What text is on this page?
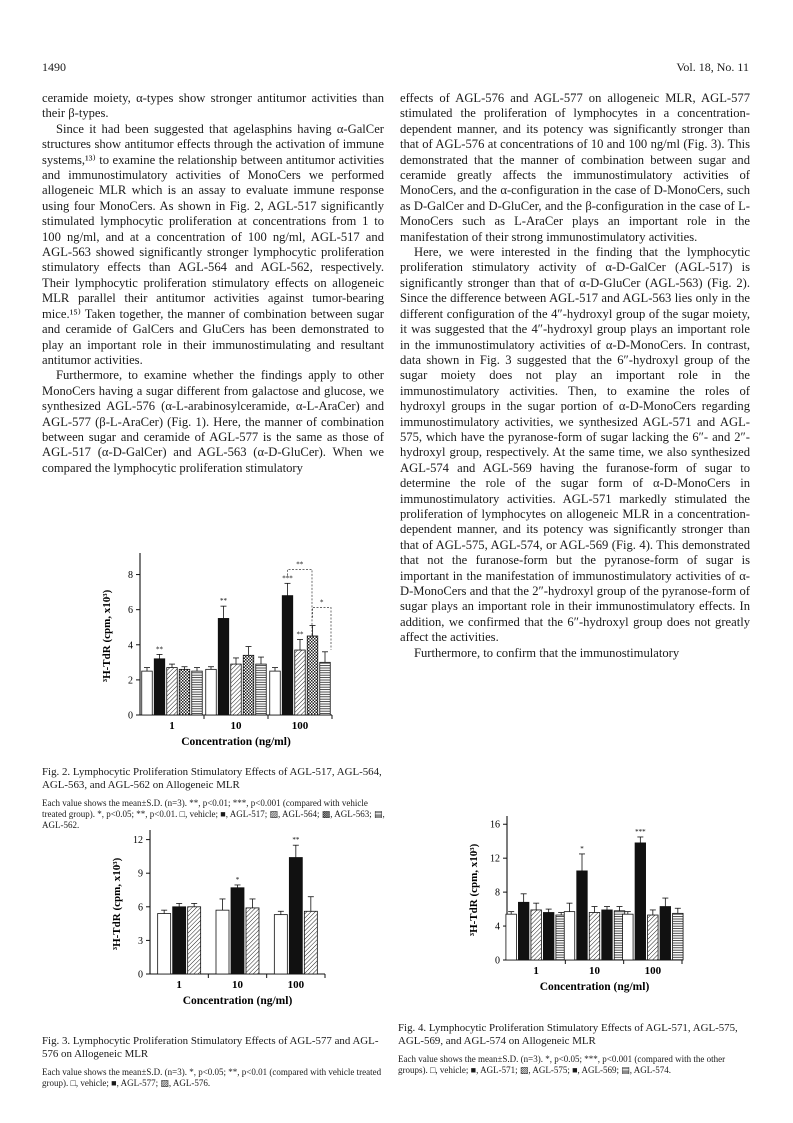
1490	Vol. 18, No. 11

ceramide moiety, α-types show stronger antitumor activities than their β-types.

Since it had been suggested that agelasphins having α-GalCer structures show antitumor effects through the activation of immune systems,¹³⁾ to examine the relationship between antitumor activities and immunostimulatory activities of MonoCers we performed allogeneic MLR which is an assay to evaluate immune response using four MonoCers. As shown in Fig. 2, AGL-517 significantly stimulated lymphocytic proliferation at concentrations from 1 to 100 ng/ml, and at a concentration of 100 ng/ml, AGL-517 and AGL-563 showed significantly stronger lymphocytic proliferation stimulatory effects than AGL-564 and AGL-562, respectively. Their lymphocytic proliferation stimulatory effects on allogeneic MLR parallel their antitumor activities against tumor-bearing mice.¹⁵⁾ Taken together, the manner of combination between sugar and ceramide of GalCers and GluCers has been demonstrated to play an important role in their immunostimulating and resultant antitumor activities.

Furthermore, to examine whether the findings apply to other MonoCers having a sugar different from galactose and glucose, we synthesized AGL-576 (α-L-arabinosylceramide, α-L-AraCer) and AGL-577 (β-L-AraCer) (Fig. 1). Here, the manner of combination between sugar and ceramide of AGL-577 is the same as those of AGL-517 (α-D-GalCer) and AGL-563 (α-D-GluCer). When we compared the lymphocytic proliferation stimulatory

effects of AGL-576 and AGL-577 on allogeneic MLR, AGL-577 stimulated the proliferation of lymphocytes in a concentration-dependent manner, and its potency was significantly stronger than that of AGL-576 at concentrations of 10 and 100 ng/ml (Fig. 3). This demonstrated that the manner of combination between sugar and ceramide greatly affects the immunostimulatory activities of MonoCers, and the α-configuration in the case of D-MonoCers, such as D-GalCer and D-GluCer, and the β-configuration in the case of L-MonoCers such as L-AraCer plays an important role in the manifestation of their strong immunostimulatory activities.

Here, we were interested in the finding that the lymphocytic proliferation stimulatory activity of α-D-GalCer (AGL-517) is significantly stronger than that of α-D-GluCer (AGL-563) (Fig. 2). Since the difference between AGL-517 and AGL-563 lies only in the different configuration of the 4″-hydroxyl group of the sugar moiety, it was suggested that the 4″-hydroxyl group plays an important role in the immunostimulatory activities of α-D-MonoCers. In contrast, data shown in Fig. 3 suggested that the 6″-hydroxyl group of the sugar moiety does not play an important role in the immunostimulatory activities. Then, to examine the roles of hydroxyl groups in the sugar portion of α-D-MonoCers regarding immunostimulatory activities, we synthesized AGL-571 and AGL-575, which have the pyranose-form of sugar lacking the 6″- and 2″-hydroxyl group, respectively. At the same time, we also synthesized AGL-574 and AGL-569 having the furanose-form of sugar to determine the role of the sugar form of α-D-MonoCers in immunostimulatory activities. AGL-571 markedly stimulated the proliferation of lymphocytes on allogeneic MLR in a concentration-dependent manner, and its potency was significantly stronger than that of AGL-575, AGL-574, or AGL-569 (Fig. 4). This demonstrated that not the furanose-form but the pyranose-form of sugar is important in the manifestation of immunostimulatory activities of α-D-MonoCers and that the 2″-hydroxyl group of the pyranose-form of sugar plays an important role in their immunostimulatory effects. In addition, we confirmed that the 6″-hydroxyl group does not greatly affect the activities.

Furthermore, to confirm that the immunostimulatory

0
2
4
6
8
³H-TdR (cpm, x10³)
1
**
10
**
100
***
**
**
*
Concentration (ng/ml)
Fig. 2. Lymphocytic Proliferation Stimulatory Effects of AGL-517, AGL-564, AGL-563, and AGL-562 on Allogeneic MLR
Each value shows the mean±S.D. (n=3). **, p<0.01; ***, p<0.001 (compared with vehicle treated group). *, p<0.05; **, p<0.01. □, vehicle; ■, AGL-517; ▨, AGL-564; ▩, AGL-563; ▤, AGL-562.
0
3
6
9
12
³H-TdR (cpm, x10³)
1	10
*
100
**
Concentration (ng/ml)
Fig. 3. Lymphocytic Proliferation Stimulatory Effects of AGL-577 and AGL-576 on Allogeneic MLR
Each value shows the mean±S.D. (n=3). *, p<0.05; **, p<0.01 (compared with vehicle treated group). □, vehicle; ■, AGL-577; ▨, AGL-576.
0
4
8
12
16
³H-TdR (cpm, x10³)
1	10
*
100
***
Concentration (ng/ml)
Fig. 4. Lymphocytic Proliferation Stimulatory Effects of AGL-571, AGL-575, AGL-569, and AGL-574 on Allogeneic MLR
Each value shows the mean±S.D. (n=3). *, p<0.05; ***, p<0.001 (compared with the other groups). □, vehicle; ■, AGL-571; ▨, AGL-575; ■, AGL-569; ▤, AGL-574.
